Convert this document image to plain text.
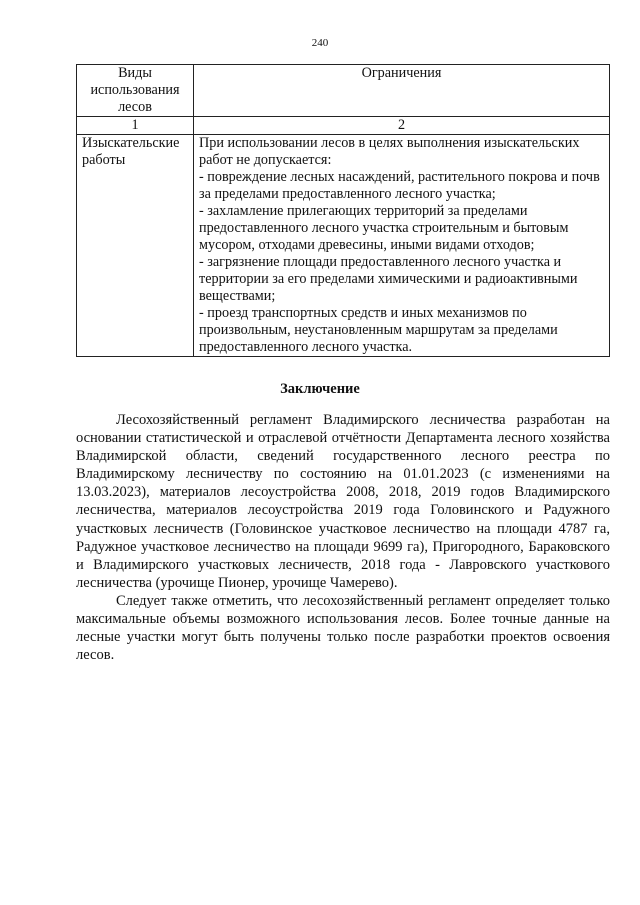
240
Виды использования лесов	Ограничения
1	2
Изыскательские работы	При использовании лесов в целях выполнения изыскательских работ не допускается:
- повреждение лесных насаждений, растительного покрова и почв за пределами предоставленного лесного участка;
- захламление прилегающих территорий за пределами предоставленного лесного участка строительным и бытовым мусором, отходами древесины, иными видами отходов;
- загрязнение площади предоставленного лесного участка и территории за его пределами химическими и радиоактивными веществами;
- проезд транспортных средств и иных механизмов по произвольным, неустановленным маршрутам за пределами предоставленного лесного участка.
Заключение

Лесохозяйственный регламент Владимирского лесничества разработан на основании статистической и отраслевой отчётности Департамента лесного хозяйства Владимирской области, сведений государственного лесного реестра по Владимирскому лесничеству по состоянию на 01.01.2023 (с изменениями на 13.03.2023), материалов лесоустройства 2008, 2018, 2019 годов Владимирского лесничества, материалов лесоустройства 2019 года Головинского и Радужного участковых лесничеств (Головинское участковое лесничество на площади 4787 га, Радужное участковое лесничество на площади 9699 га), Пригородного, Бараковского и Владимирского участковых лесничеств, 2018 года - Лавровского участкового лесничества (урочище Пионер, урочище Чамерево).

Следует также отметить, что лесохозяйственный регламент определяет только максимальные объемы возможного использования лесов. Более точные данные на лесные участки могут быть получены только после разработки проектов освоения лесов.
